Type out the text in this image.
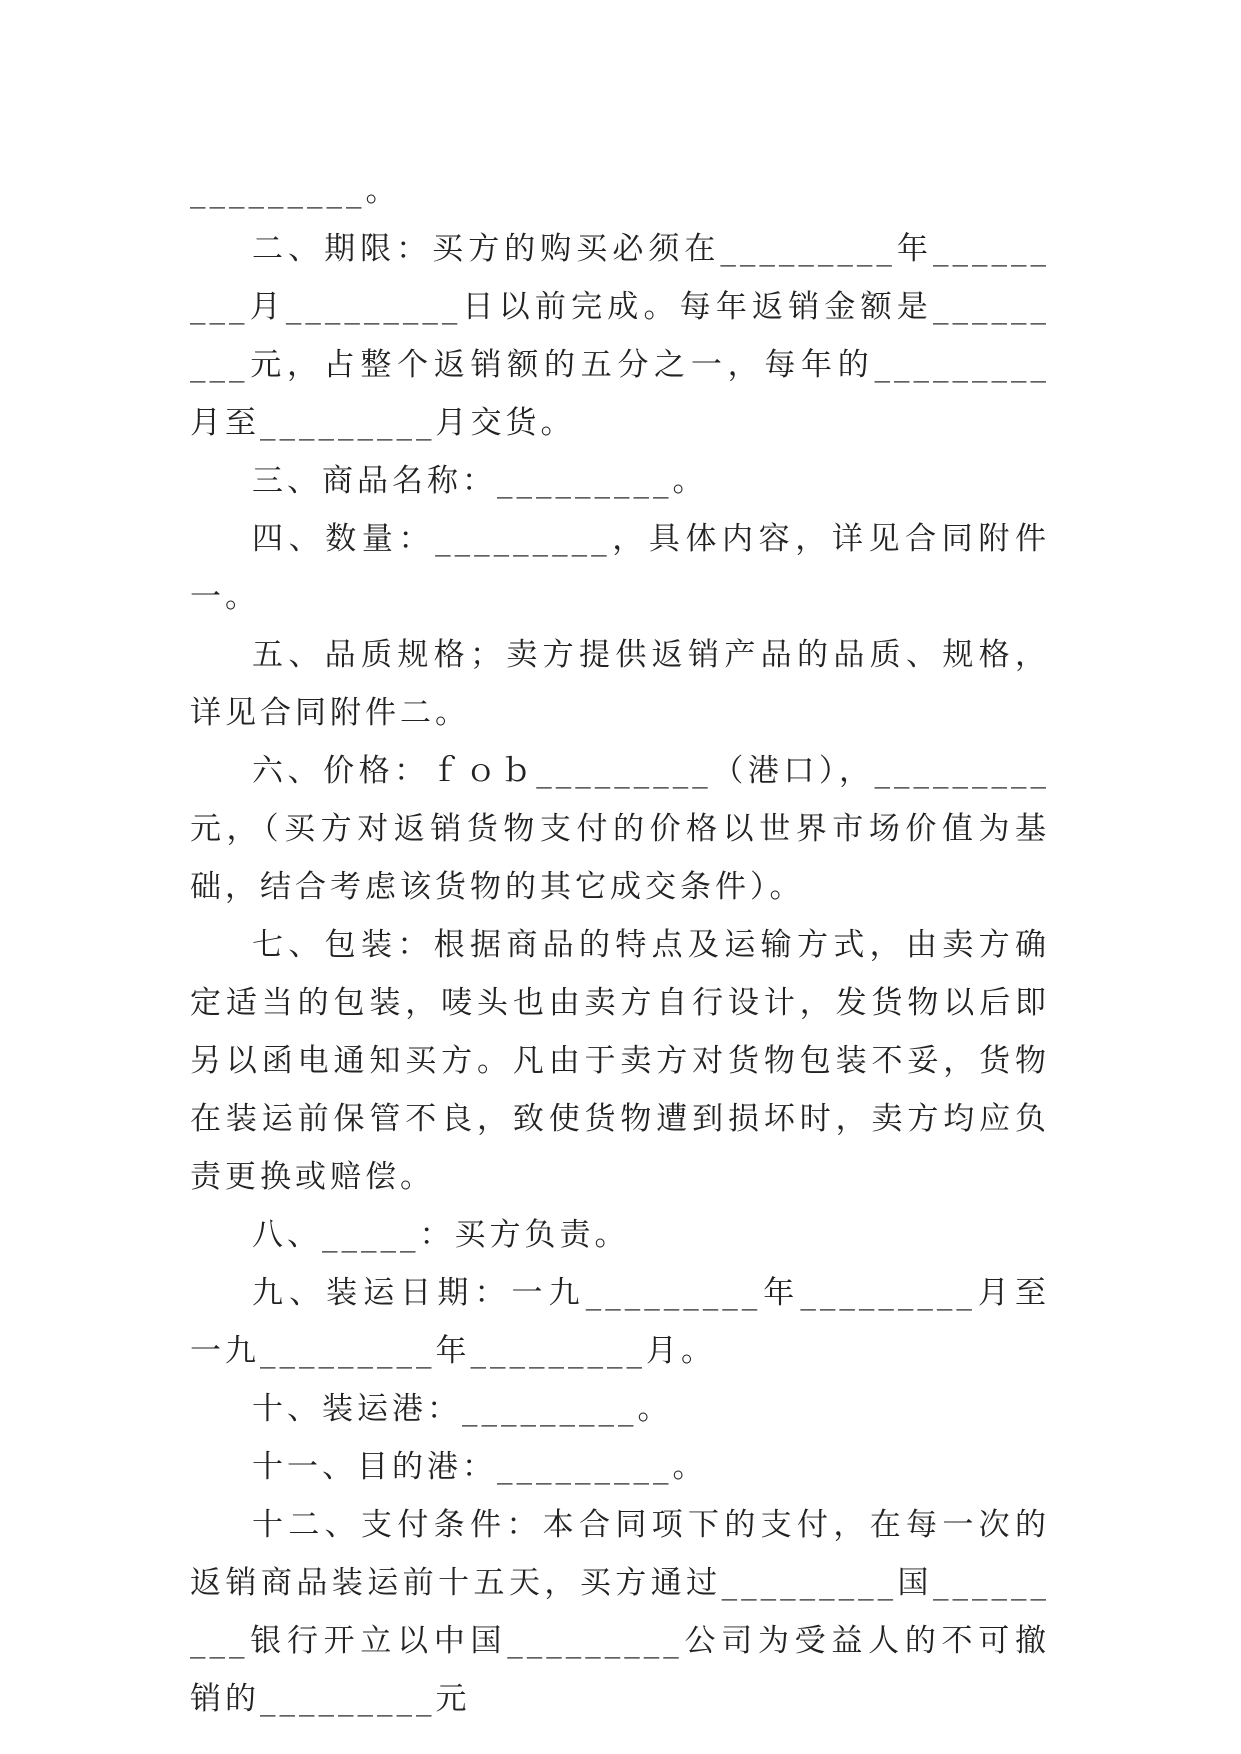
_________。

二、期限：买方的购买必须在_________年_________月_________日以前完成。每年返销金额是_________元，占整个返销额的五分之一，每年的_________月至_________月交货。

三、商品名称：_________。

四、数量：_________，具体内容，详见合同附件一。

五、品质规格；卖方提供返销产品的品质、规格，详见合同附件二。

六、价格：ｆｏｂ_________（港口），_________元，（买方对返销货物支付的价格以世界市场价值为基础，结合考虑该货物的其它成交条件）。

七、包装：根据商品的特点及运输方式，由卖方确定适当的包装，唛头也由卖方自行设计，发货物以后即另以函电通知买方。凡由于卖方对货物包装不妥，货物在装运前保管不良，致使货物遭到损坏时，卖方均应负责更换或赔偿。

八、_____：买方负责。

九、装运日期：一九_________年_________月至一九_________年_________月。

十、装运港：_________。

十一、目的港：_________。

十二、支付条件：本合同项下的支付，在每一次的返销商品装运前十五天，买方通过_________国_________银行开立以中国_________公司为受益人的不可撤销的_________元
